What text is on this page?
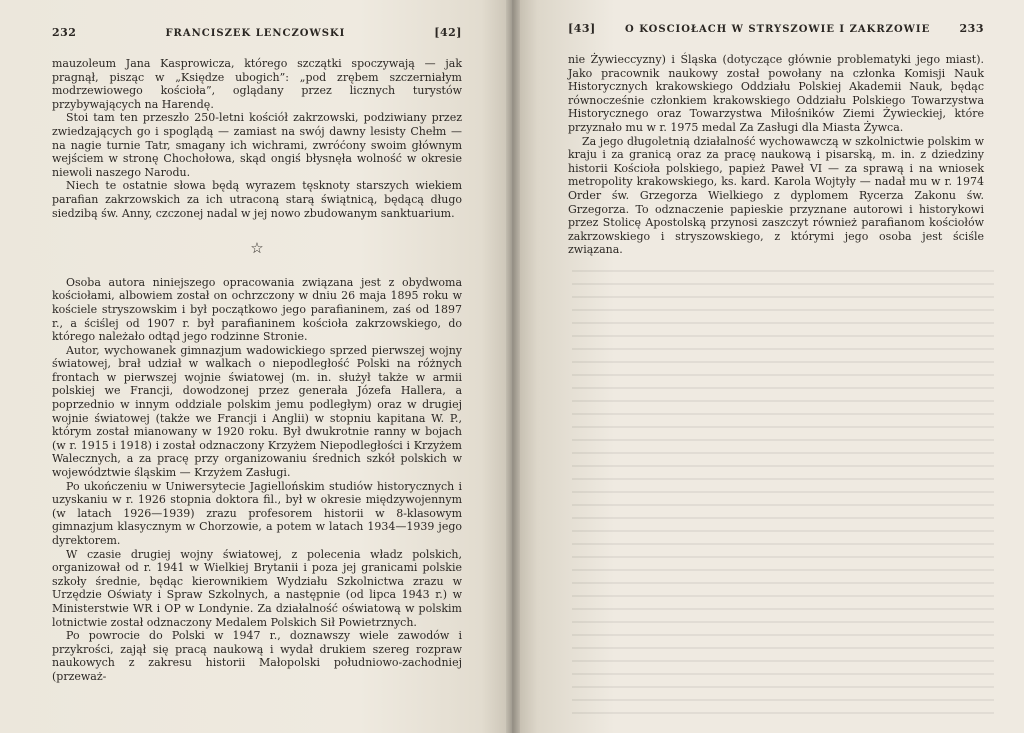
232	FRANCISZEK LENCZOWSKI	[42]

mauzoleum Jana Kasprowicza, którego szczątki spoczywają — jak pragnął, pisząc w „Księdze ubogich”: „pod zrębem szczerniałym modrzewiowego kościoła”, oglądany przez licznych turystów przybywających na Harendę.

Stoi tam ten przeszło 250-letni kościół zakrzowski, podziwiany przez zwiedzających go i spoglądą — zamiast na swój dawny lesisty Chełm — na nagie turnie Tatr, smagany ich wichrami, zwróćony swoim głównym wejściem w stronę Chochołowa, skąd ongiś błysnęła wolność w okresie niewoli naszego Narodu.

Niech te ostatnie słowa będą wyrazem tęsknoty starszych wiekiem parafian zakrzowskich za ich utraconą starą świątnicą, będącą długo siedzibą św. Anny, czczonej nadal w jej nowo zbudowanym sanktuarium.

☆

Osoba autora niniejszego opracowania związana jest z obydwoma kościołami, albowiem został on ochrzczony w dniu 26 maja 1895 roku w kościele stryszowskim i był początkowo jego parafianinem, zaś od 1897 r., a ściślej od 1907 r. był parafianinem kościoła zakrzowskiego, do którego należało odtąd jego rodzinne Stronie.

Autor, wychowanek gimnazjum wadowickiego sprzed pierwszej wojny światowej, brał udział w walkach o niepodległość Polski na różnych frontach w pierwszej wojnie światowej (m. in. służył także w armii polskiej we Francji, dowodzonej przez generała Józefa Hallera, a poprzednio w innym oddziale polskim jemu podległym) oraz w drugiej wojnie światowej (także we Francji i Anglii) w stopniu kapitana W. P., którym został mianowany w 1920 roku. Był dwukrotnie ranny w bojach (w r. 1915 i 1918) i został odznaczony Krzyżem Niepodległości i Krzyżem Walecznych, a za pracę przy organizowaniu średnich szkół polskich w województwie śląskim — Krzyżem Zasługi.

Po ukończeniu w Uniwersytecie Jagiellońskim studiów historycznych i uzyskaniu w r. 1926 stopnia doktora fil., był w okresie międzywojennym (w latach 1926—1939) zrazu profesorem historii w 8-klasowym gimnazjum klasycznym w Chorzowie, a potem w latach 1934—1939 jego dyrektorem.

W czasie drugiej wojny światowej, z polecenia władz polskich, organizował od r. 1941 w Wielkiej Brytanii i poza jej granicami polskie szkoły średnie, będąc kierownikiem Wydziału Szkolnictwa zrazu w Urzędzie Oświaty i Spraw Szkolnych, a następnie (od lipca 1943 r.) w Ministerstwie WR i OP w Londynie. Za działalność oświatową w polskim lotnictwie został odznaczony Medalem Polskich Sił Powietrznych.

Po powrocie do Polski w 1947 r., doznawszy wiele zawodów i przykrości, zajął się pracą naukową i wydał drukiem szereg rozpraw naukowych z zakresu historii Małopolski południowo-zachodniej (przeważ-

[43]	O KOSCIOŁACH W STRYSZOWIE I ZAKRZOWIE	233

nie Żywieccyzny) i Śląska (dotyczące głównie problematyki jego miast). Jako pracownik naukowy został powołany na członka Komisji Nauk Historycznych krakowskiego Oddziału Polskiej Akademii Nauk, będąc równocześnie członkiem krakowskiego Oddziału Polskiego Towarzystwa Historycznego oraz Towarzystwa Miłośników Ziemi Żywieckiej, które przyznało mu w r. 1975 medal Za Zasługi dla Miasta Żywca.

Za jego długoletnią działalność wychowawczą w szkolnictwie polskim w kraju i za granicą oraz za pracę naukową i pisarską, m. in. z dziedziny historii Kościoła polskiego, papież Paweł VI — za sprawą i na wniosek metropolity krakowskiego, ks. kard. Karola Wojtyły — nadał mu w r. 1974 Order św. Grzegorza Wielkiego z dyplomem Rycerza Zakonu św. Grzegorza. To odznaczenie papieskie przyznane autorowi i historykowi przez Stolicę Apostolską przynosi zaszczyt również parafianom kościołów zakrzowskiego i stryszowskiego, z którymi jego osoba jest ściśle związana.
